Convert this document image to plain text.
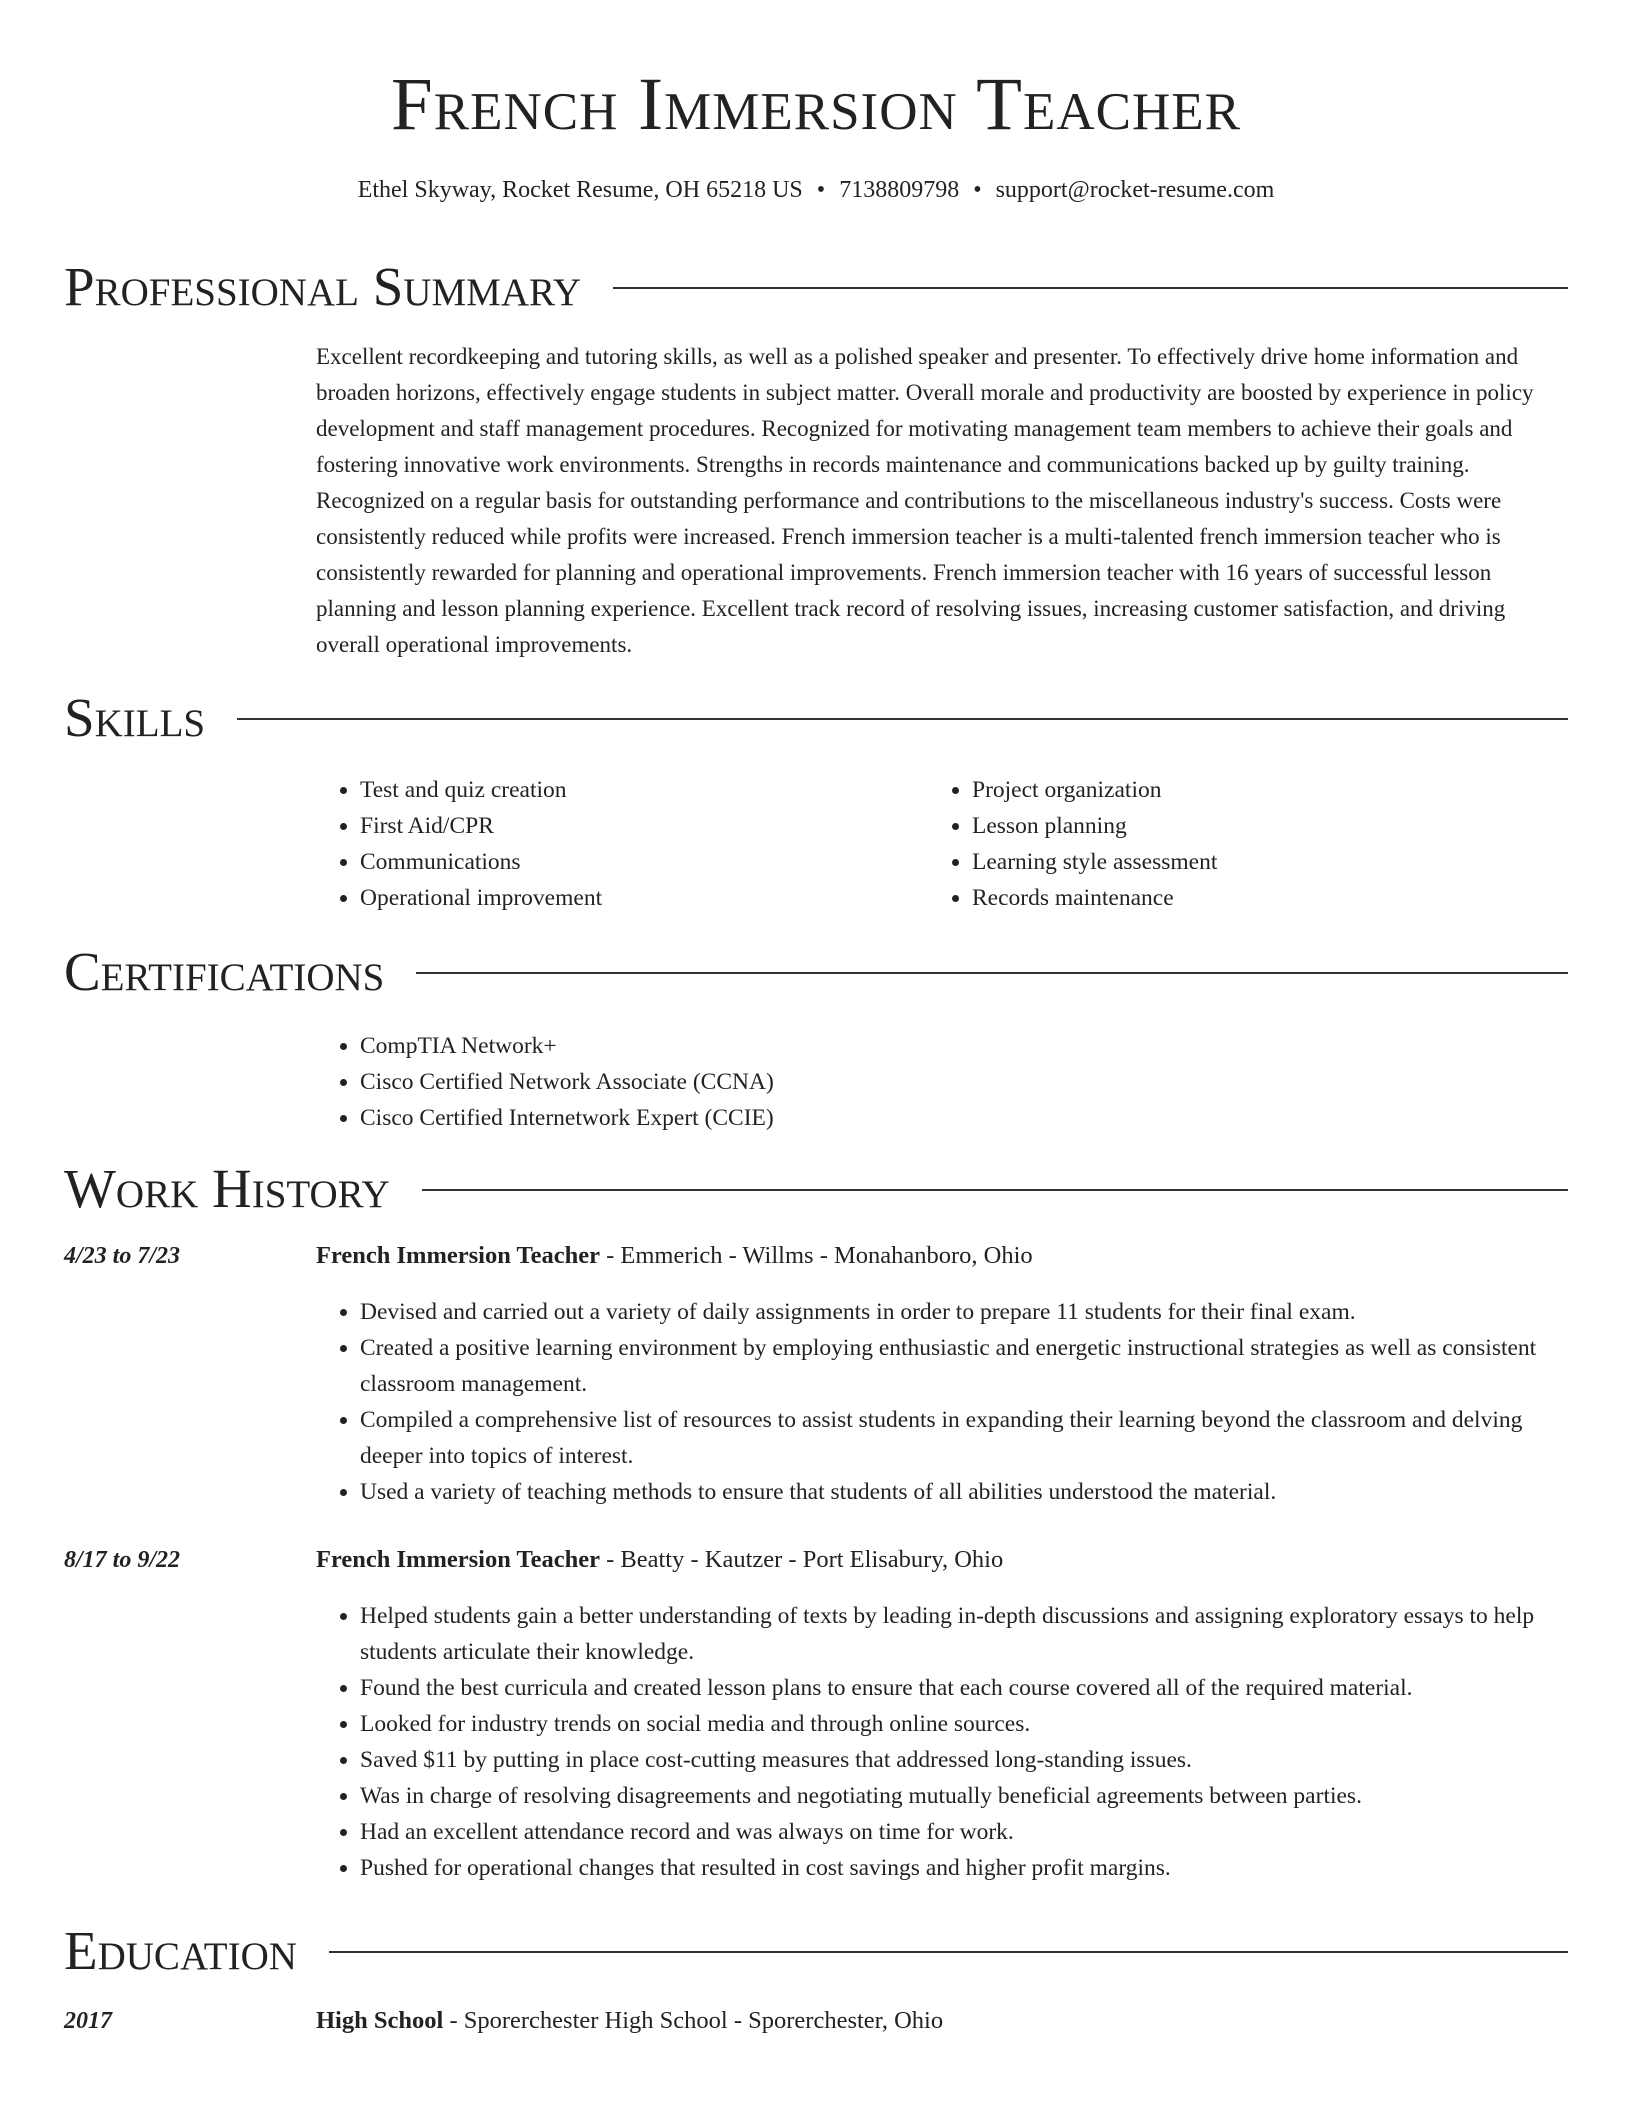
French Immersion Teacher
Ethel Skyway, Rocket Resume, OH 65218 US • 7138809798 • support@rocket-resume.com
Professional Summary

Excellent recordkeeping and tutoring skills, as well as a polished speaker and presenter. To effectively drive home information and broaden horizons, effectively engage students in subject matter. Overall morale and productivity are boosted by experience in policy development and staff management procedures. Recognized for motivating management team members to achieve their goals and fostering innovative work environments. Strengths in records maintenance and communications backed up by guilty training. Recognized on a regular basis for outstanding performance and contributions to the miscellaneous industry's success. Costs were consistently reduced while profits were increased. French immersion teacher is a multi-talented french immersion teacher who is consistently rewarded for planning and operational improvements. French immersion teacher with 16 years of successful lesson planning and lesson planning experience. Excellent track record of resolving issues, increasing customer satisfaction, and driving overall operational improvements.

Skills
• Test and quiz creation
• First Aid/CPR
• Communications
• Operational improvement
• Project organization
• Lesson planning
• Learning style assessment
• Records maintenance
Certifications
• CompTIA Network+
• Cisco Certified Network Associate (CCNA)
• Cisco Certified Internetwork Expert (CCIE)
Work History
4/23 to 7/23	French Immersion Teacher - Emmerich - Willms - Monahanboro, Ohio
• Devised and carried out a variety of daily assignments in order to prepare 11 students for their final exam.
• Created a positive learning environment by employing enthusiastic and energetic instructional strategies as well as consistent classroom management.
• Compiled a comprehensive list of resources to assist students in expanding their learning beyond the classroom and delving deeper into topics of interest.
• Used a variety of teaching methods to ensure that students of all abilities understood the material.
8/17 to 9/22	French Immersion Teacher - Beatty - Kautzer - Port Elisabury, Ohio
• Helped students gain a better understanding of texts by leading in-depth discussions and assigning exploratory essays to help students articulate their knowledge.
• Found the best curricula and created lesson plans to ensure that each course covered all of the required material.
• Looked for industry trends on social media and through online sources.
• Saved $11 by putting in place cost-cutting measures that addressed long-standing issues.
• Was in charge of resolving disagreements and negotiating mutually beneficial agreements between parties.
• Had an excellent attendance record and was always on time for work.
• Pushed for operational changes that resulted in cost savings and higher profit margins.
Education
2017	High School - Sporerchester High School - Sporerchester, Ohio
